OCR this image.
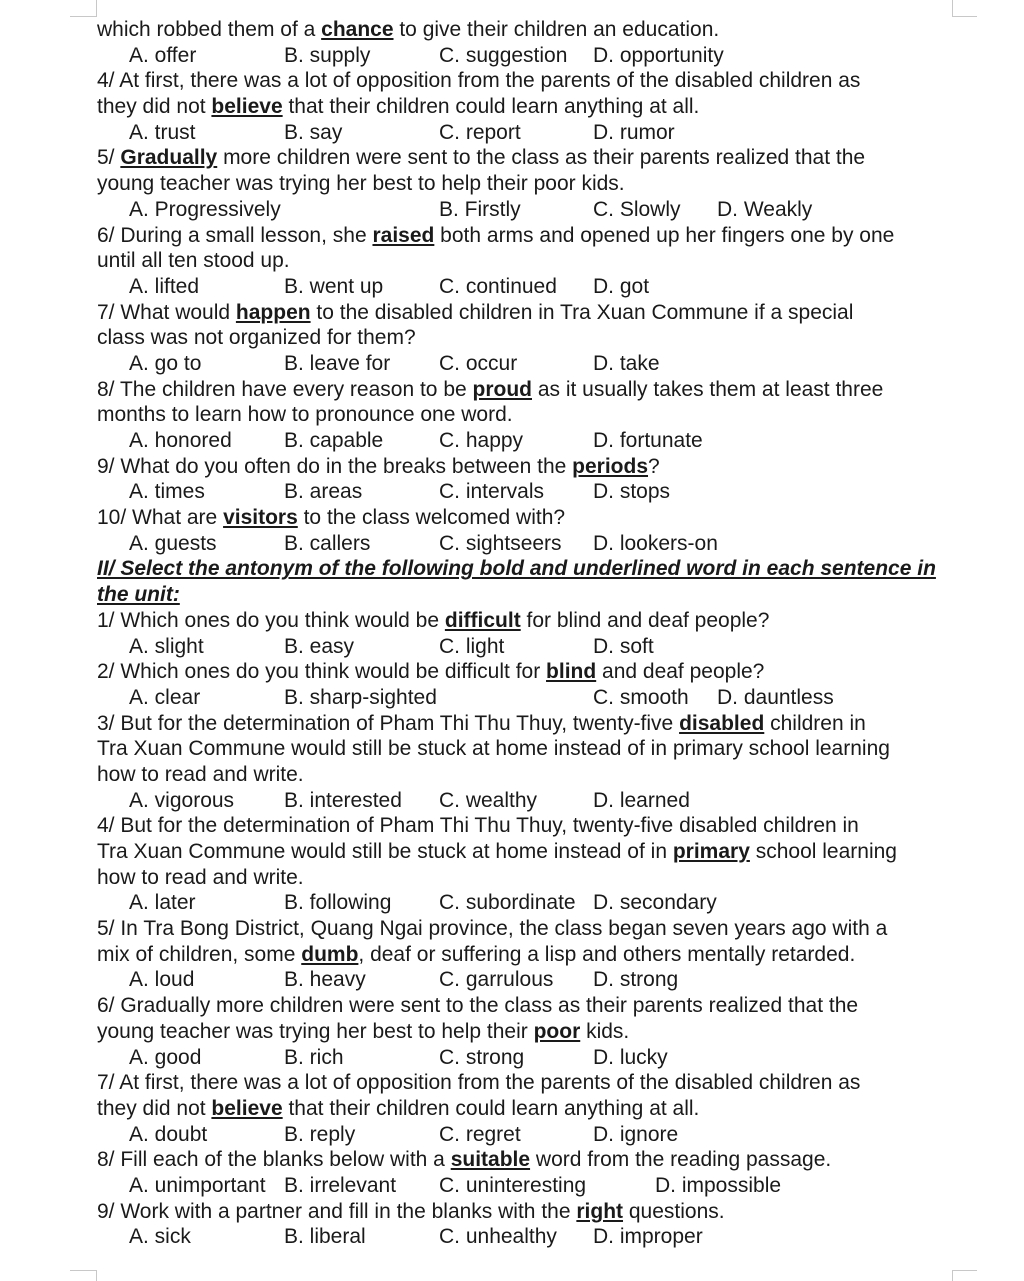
which robbed them of a chance to give their children an education.
A. offer	B. supply	C. suggestion D. opportunity
4/ At first, there was a lot of opposition from the parents of the disabled children as
they did not believe that their children could learn anything at all.
A. trust	B. say	C. report	D. rumor
5/ Gradually more children were sent to the class as their parents realized that the
young teacher was trying her best to help their poor kids.
A. Progressively	B. Firstly	C. Slowly D. Weakly
6/ During a small lesson, she raised both arms and opened up her fingers one by one
until all ten stood up.
A. lifted	B. went up	C. continued D. got
7/ What would happen to the disabled children in Tra Xuan Commune if a special
class was not organized for them?
A. go to	B. leave for C. occur	D. take
8/ The children have every reason to be proud as it usually takes them at least three
months to learn how to pronounce one word.
A. honored B. capable	C. happy	D. fortunate
9/ What do you often do in the breaks between the periods?
A. times	B. areas	C. intervals D. stops
10/ What are visitors to the class welcomed with?
A. guests	B. callers	C. sightseers D. lookers-on
II/ Select the antonym of the following bold and underlined word in each sentence in
the unit:
1/ Which ones do you think would be difficult for blind and deaf people?
A. slight	B. easy	C. light	D. soft
2/ Which ones do you think would be difficult for blind and deaf people?
A. clear	B. sharp-sighted	C. smooth D. dauntless
3/ But for the determination of Pham Thi Thu Thuy, twenty-five disabled children in
Tra Xuan Commune would still be stuck at home instead of in primary school learning
how to read and write.
A. vigorous B. interested C. wealthy	D. learned
4/ But for the determination of Pham Thi Thu Thuy, twenty-five disabled children in
Tra Xuan Commune would still be stuck at home instead of in primary school learning
how to read and write.
A. later	B. following C. subordinate D. secondary
5/ In Tra Bong District, Quang Ngai province, the class began seven years ago with a
mix of children, some dumb, deaf or suffering a lisp and others mentally retarded.
A. loud	B. heavy	C. garrulous D. strong
6/ Gradually more children were sent to the class as their parents realized that the
young teacher was trying her best to help their poor kids.
A. good	B. rich	C. strong	D. lucky
7/ At first, there was a lot of opposition from the parents of the disabled children as
they did not believe that their children could learn anything at all.
A. doubt	B. reply	C. regret	D. ignore
8/ Fill each of the blanks below with a suitable word from the reading passage.
A. unimportant B. irrelevant C. uninteresting	D. impossible
9/ Work with a partner and fill in the blanks with the right questions.
A. sick	B. liberal	C. unhealthy D. improper
